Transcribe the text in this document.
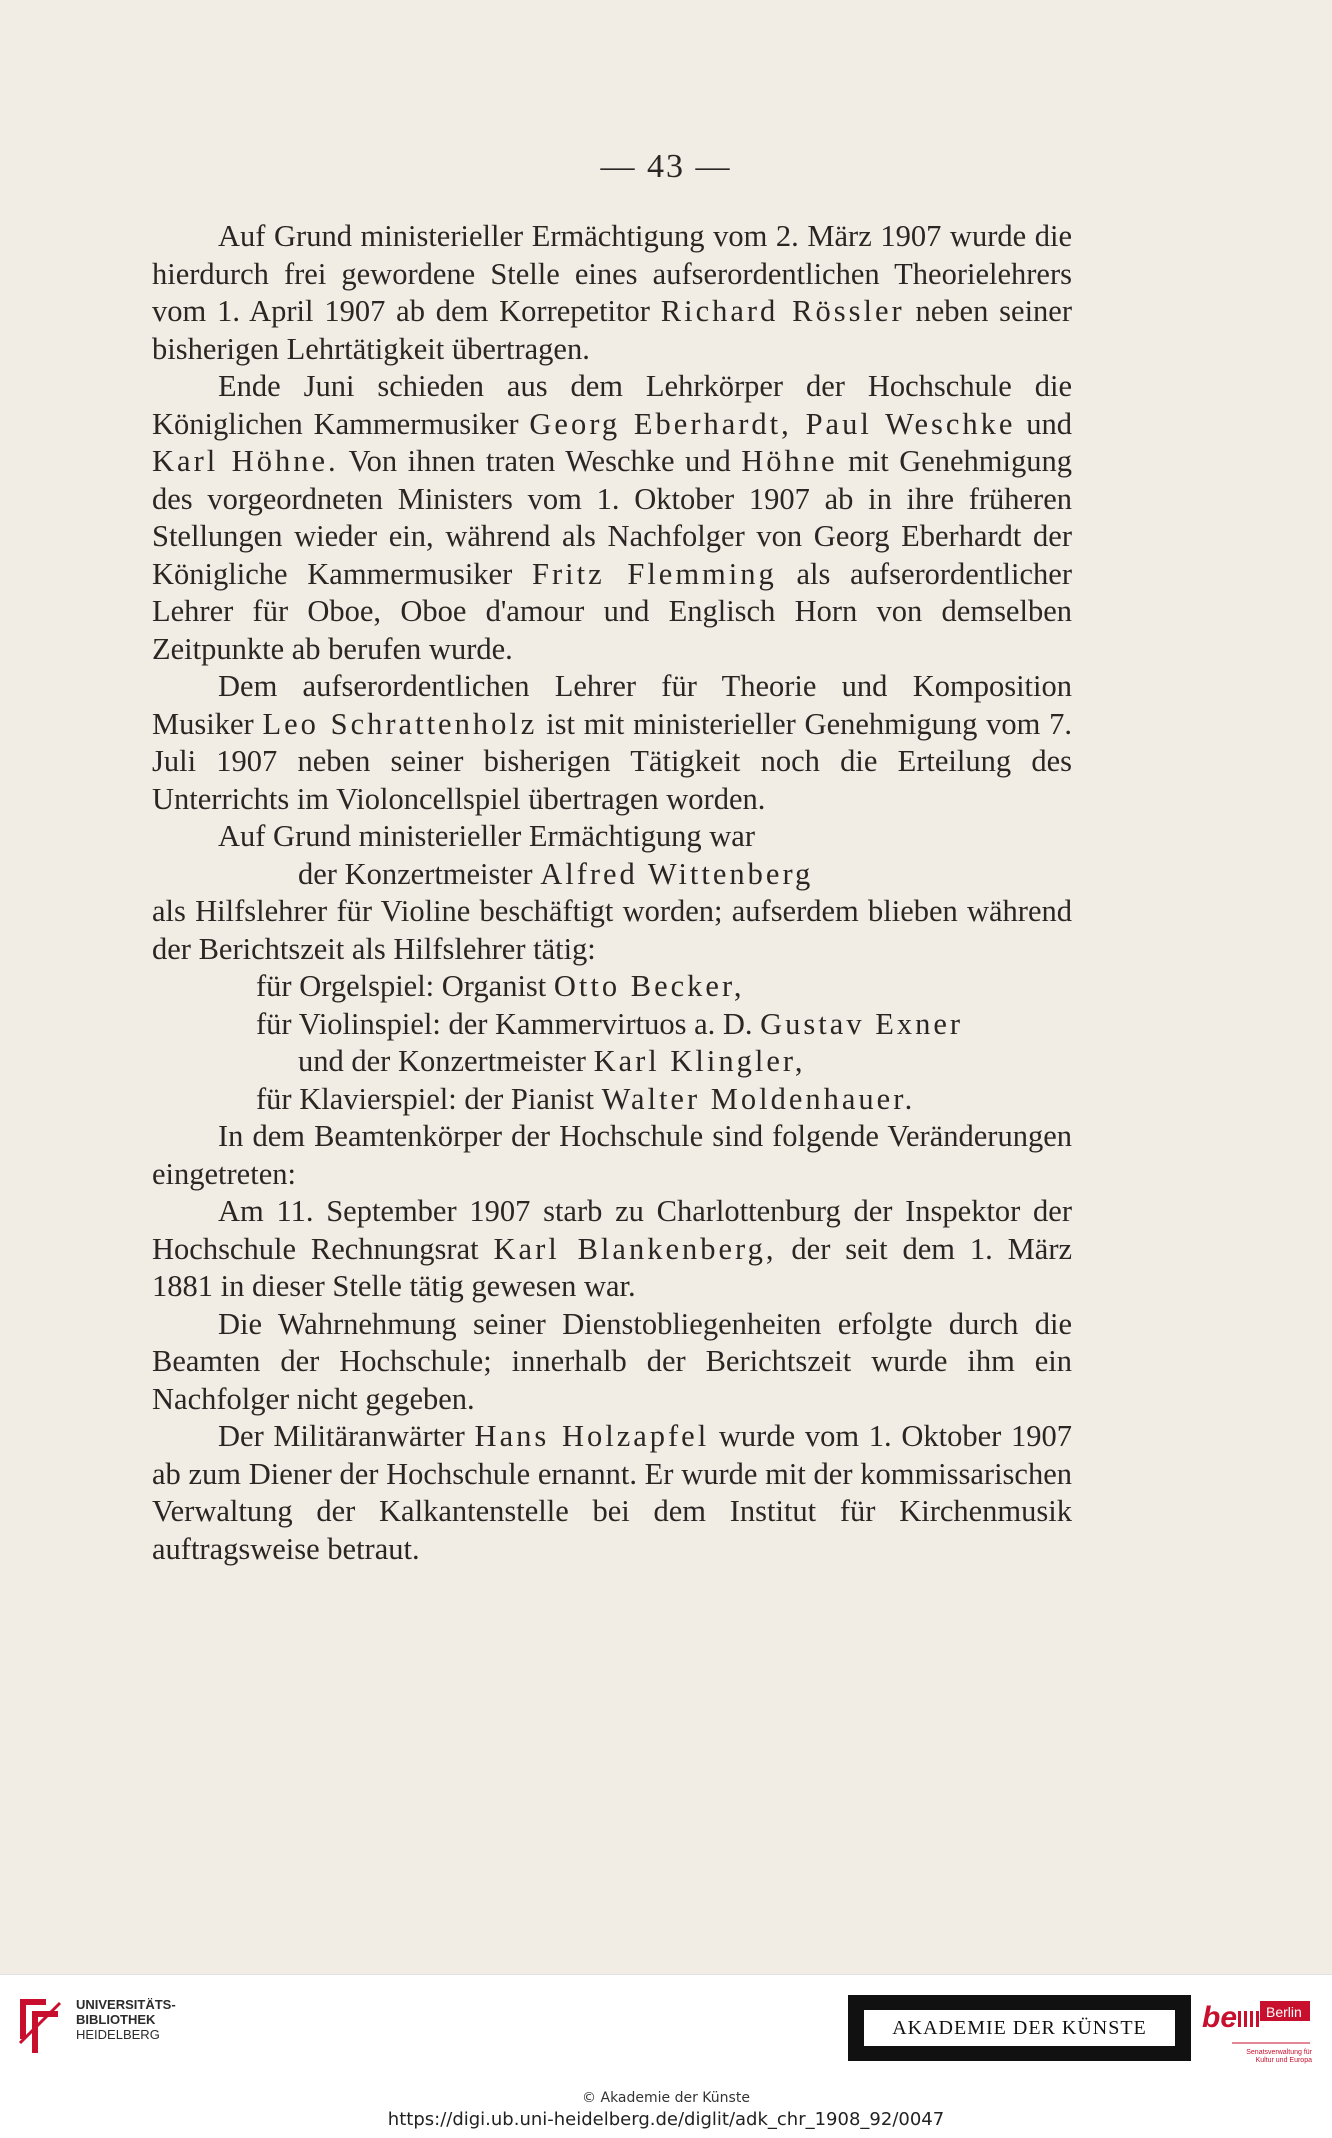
— 43 —

Auf Grund ministerieller Ermächtigung vom 2. März 1907 wurde die hierdurch frei gewordene Stelle eines aufserordentlichen Theorielehrers vom 1. April 1907 ab dem Korrepetitor Richard Rössler neben seiner bisherigen Lehrtätigkeit übertragen.

Ende Juni schieden aus dem Lehrkörper der Hochschule die Königlichen Kammermusiker Georg Eberhardt, Paul Weschke und Karl Höhne. Von ihnen traten Weschke und Höhne mit Genehmigung des vorgeordneten Ministers vom 1. Oktober 1907 ab in ihre früheren Stellungen wieder ein, während als Nachfolger von Georg Eberhardt der Königliche Kammermusiker Fritz Flemming als aufserordentlicher Lehrer für Oboe, Oboe d'amour und Englisch Horn von demselben Zeitpunkte ab berufen wurde.

Dem aufserordentlichen Lehrer für Theorie und Komposition Musiker Leo Schrattenholz ist mit ministerieller Genehmigung vom 7. Juli 1907 neben seiner bisherigen Tätigkeit noch die Erteilung des Unterrichts im Violoncellspiel übertragen worden.

Auf Grund ministerieller Ermächtigung war

der Konzertmeister Alfred Wittenberg
als Hilfslehrer für Violine beschäftigt worden; aufserdem blieben während der Berichtszeit als Hilfslehrer tätig:
für Orgelspiel: Organist Otto Becker,
für Violinspiel: der Kammervirtuos a. D. Gustav Exner
und der Konzertmeister Karl Klingler,
für Klavierspiel: der Pianist Walter Moldenhauer.

In dem Beamtenkörper der Hochschule sind folgende Veränderungen eingetreten:

Am 11. September 1907 starb zu Charlottenburg der Inspektor der Hochschule Rechnungsrat Karl Blankenberg, der seit dem 1. März 1881 in dieser Stelle tätig gewesen war.

Die Wahrnehmung seiner Dienstobliegenheiten erfolgte durch die Beamten der Hochschule; innerhalb der Berichtszeit wurde ihm ein Nachfolger nicht gegeben.

Der Militäranwärter Hans Holzapfel wurde vom 1. Oktober 1907 ab zum Diener der Hochschule ernannt. Er wurde mit der kommissarischen Verwaltung der Kalkantenstelle bei dem Institut für Kirchenmusik auftragsweise betraut.

UNIVERSITÄTS-
BIBLIOTHEK
HEIDELBERG	AKADEMIE DER KÜNSTE	be Berlin
Senatsverwaltung für Kultur und Europa
© Akademie der Künste
https://digi.ub.uni-heidelberg.de/diglit/adk_chr_1908_92/0047
